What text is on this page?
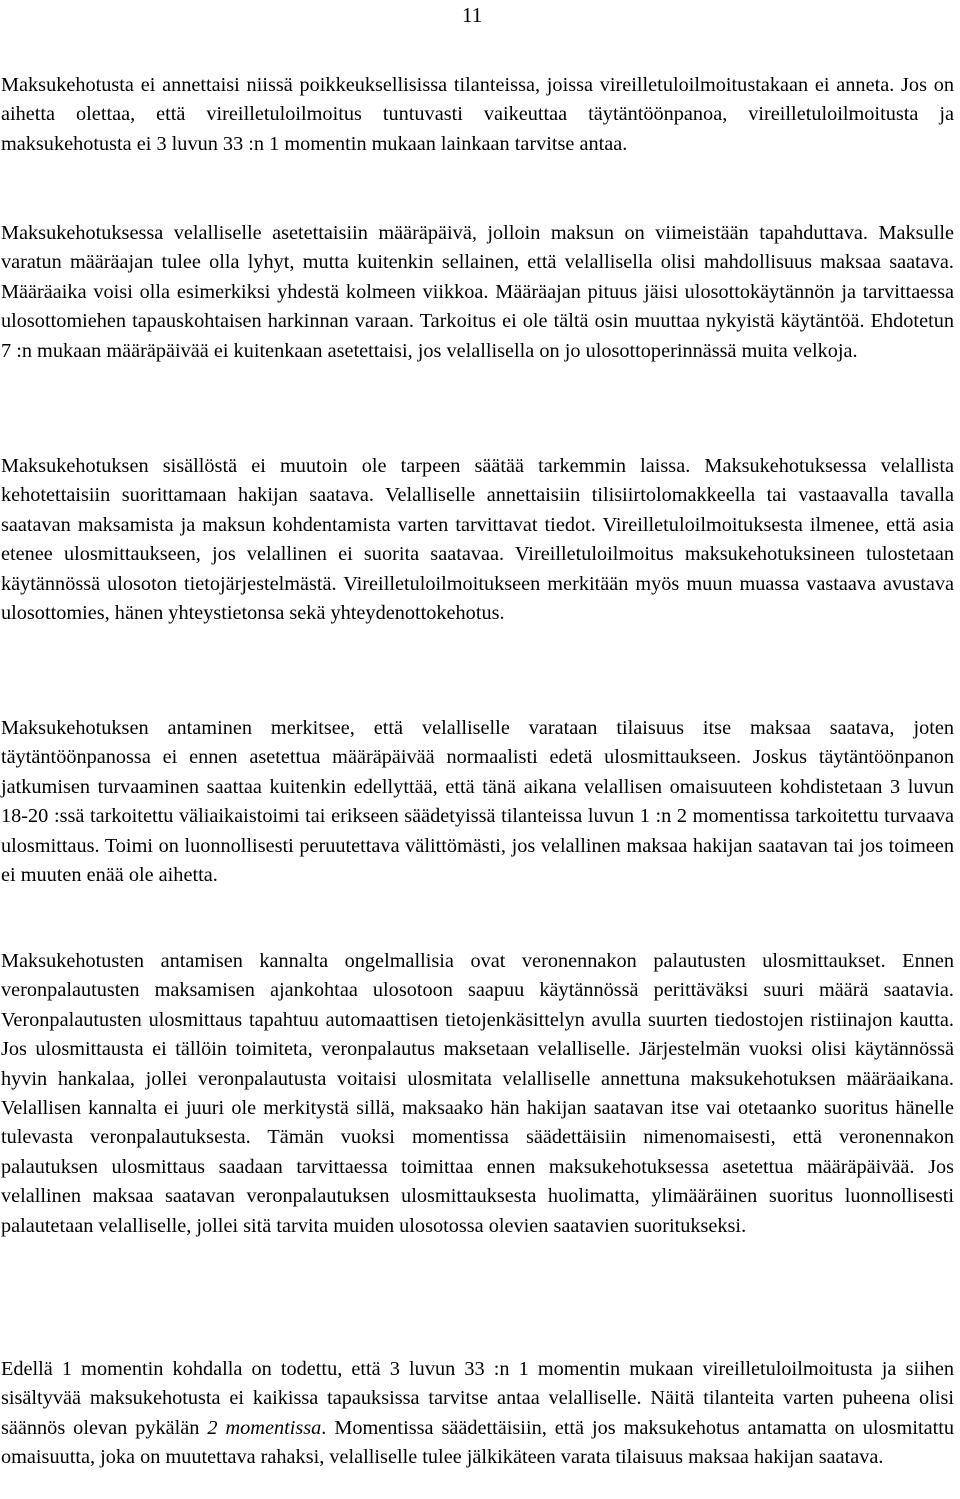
11

Maksukehotusta ei annettaisi niissä poikkeuksellisissa tilanteissa, joissa vireilletuloilmoitustakaan ei anneta. Jos on aihetta olettaa, että vireilletuloilmoitus tuntuvasti vaikeuttaa täytäntöönpanoa, vireilletuloilmoitusta ja maksukehotusta ei 3 luvun 33 :n 1 momentin mukaan lainkaan tarvitse antaa.

Maksukehotuksessa velalliselle asetettaisiin määräpäivä, jolloin maksun on viimeistään tapahduttava. Maksulle varatun määräajan tulee olla lyhyt, mutta kuitenkin sellainen, että velallisella olisi mahdollisuus maksaa saatava. Määräaika voisi olla esimerkiksi yhdestä kolmeen viikkoa. Määräajan pituus jäisi ulosottokäytännön ja tarvittaessa ulosottomiehen tapauskohtaisen harkinnan varaan. Tarkoitus ei ole tältä osin muuttaa nykyistä käytäntöä. Ehdotetun 7 :n mukaan määräpäivää ei kuitenkaan asetettaisi, jos velallisella on jo ulosottoperinnässä muita velkoja.

Maksukehotuksen sisällöstä ei muutoin ole tarpeen säätää tarkemmin laissa. Maksukehotuksessa velallista kehotettaisiin suorittamaan hakijan saatava. Velalliselle annettaisiin tilisiirtolomakkeella tai vastaavalla tavalla saatavan maksamista ja maksun kohdentamista varten tarvittavat tiedot. Vireilletuloilmoituksesta ilmenee, että asia etenee ulosmittaukseen, jos velallinen ei suorita saatavaa. Vireilletuloilmoitus maksukehotuksineen tulostetaan käytännössä ulosoton tietojärjestelmästä. Vireilletuloilmoitukseen merkitään myös muun muassa vastaava avustava ulosottomies, hänen yhteystietonsa sekä yhteydenottokehotus.

Maksukehotuksen antaminen merkitsee, että velalliselle varataan tilaisuus itse maksaa saatava, joten täytäntöönpanossa ei ennen asetettua määräpäivää normaalisti edetä ulosmittaukseen. Joskus täytäntöönpanon jatkumisen turvaaminen saattaa kuitenkin edellyttää, että tänä aikana velallisen omaisuuteen kohdistetaan 3 luvun 18-20 :ssä tarkoitettu väliaikaistoimi tai erikseen säädetyissä tilanteissa luvun 1 :n 2 momentissa tarkoitettu turvaava ulosmittaus. Toimi on luonnollisesti peruutettava välittömästi, jos velallinen maksaa hakijan saatavan tai jos toimeen ei muuten enää ole aihetta.

Maksukehotusten antamisen kannalta ongelmallisia ovat veronennakon palautusten ulosmittaukset. Ennen veronpalautusten maksamisen ajankohtaa ulosotoon saapuu käytännössä perittäväksi suuri määrä saatavia. Veronpalautusten ulosmittaus tapahtuu automaattisen tietojenkäsittelyn avulla suurten tiedostojen ristiinajon kautta. Jos ulosmittausta ei tällöin toimiteta, veronpalautus maksetaan velalliselle. Järjestelmän vuoksi olisi käytännössä hyvin hankalaa, jollei veronpalautusta voitaisi ulosmitata velalliselle annettuna maksukehotuksen määräaikana. Velallisen kannalta ei juuri ole merkitystä sillä, maksaako hän hakijan saatavan itse vai otetaanko suoritus hänelle tulevasta veronpalautuksesta. Tämän vuoksi momentissa säädettäisiin nimenomaisesti, että veronennakon palautuksen ulosmittaus saadaan tarvittaessa toimittaa ennen maksukehotuksessa asetettua määräpäivää. Jos velallinen maksaa saatavan veronpalautuksen ulosmittauksesta huolimatta, ylimääräinen suoritus luonnollisesti palautetaan velalliselle, jollei sitä tarvita muiden ulosotossa olevien saatavien suoritukseksi.

Edellä 1 momentin kohdalla on todettu, että 3 luvun 33 :n 1 momentin mukaan vireilletuloilmoitusta ja siihen sisältyvää maksukehotusta ei kaikissa tapauksissa tarvitse antaa velalliselle. Näitä tilanteita varten puheena olisi säännös olevan pykälän 2 momentissa. Momentissa säädettäisiin, että jos maksukehotus antamatta on ulosmitattu omaisuutta, joka on muutettava rahaksi, velalliselle tulee jälkikäteen varata tilaisuus maksaa hakijan saatava.
